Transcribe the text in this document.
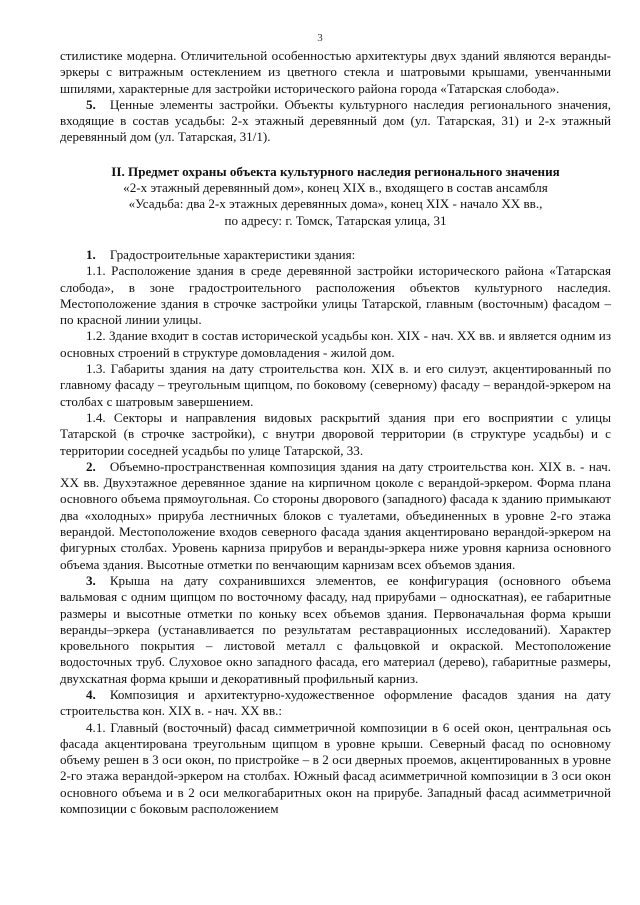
3

стилистике модерна. Отличительной особенностью архитектуры двух зданий являются веранды-эркеры с витражным остеклением из цветного стекла и шатровыми крышами, увенчанными шпилями, характерные для застройки исторического района города «Татарская слобода».

5. Ценные элементы застройки. Объекты культурного наследия регионального значения, входящие в состав усадьбы: 2-х этажный деревянный дом (ул. Татарская, 31) и 2-х этажный деревянный дом (ул. Татарская, 31/1).

II. Предмет охраны объекта культурного наследия регионального значения

«2-х этажный деревянный дом», конец XIX в., входящего в состав ансамбля

«Усадьба: два 2-х этажных деревянных дома», конец XIX - начало XX вв.,

по адресу: г. Томск, Татарская улица, 31

1. Градостроительные характеристики здания:

1.1. Расположение здания в среде деревянной застройки исторического района «Татарская слобода», в зоне градостроительного расположения объектов культурного наследия. Местоположение здания в строчке застройки улицы Татарской, главным (восточным) фасадом – по красной линии улицы.

1.2. Здание входит в состав исторической усадьбы кон. XIX - нач. XX вв. и является одним из основных строений в структуре домовладения - жилой дом.

1.3. Габариты здания на дату строительства кон. XIX в. и его силуэт, акцентированный по главному фасаду – треугольным щипцом, по боковому (северному) фасаду – верандой-эркером на столбах с шатровым завершением.

1.4. Секторы и направления видовых раскрытий здания при его восприятии с улицы Татарской (в строчке застройки), с внутри дворовой территории (в структуре усадьбы) и с территории соседней усадьбы по улице Татарской, 33.

2. Объемно-пространственная композиция здания на дату строительства кон. XIX в. - нач. XX вв. Двухэтажное деревянное здание на кирпичном цоколе с верандой-эркером. Форма плана основного объема прямоугольная. Со стороны дворового (западного) фасада к зданию примыкают два «холодных» прируба лестничных блоков с туалетами, объединенных в уровне 2-го этажа верандой. Местоположение входов северного фасада здания акцентировано верандой-эркером на фигурных столбах. Уровень карниза прирубов и веранды-эркера ниже уровня карниза основного объема здания. Высотные отметки по венчающим карнизам всех объемов здания.

3. Крыша на дату сохранившихся элементов, ее конфигурация (основного объема вальмовая с одним щипцом по восточному фасаду, над прирубами – односкатная), ее габаритные размеры и высотные отметки по коньку всех объемов здания. Первоначальная форма крыши веранды–эркера (устанавливается по результатам реставрационных исследований). Характер кровельного покрытия – листовой металл с фальцовкой и окраской. Местоположение водосточных труб. Слуховое окно западного фасада, его материал (дерево), габаритные размеры, двухскатная форма крыши и декоративный профильный карниз.

4. Композиция и архитектурно-художественное оформление фасадов здания на дату строительства кон. XIX в. - нач. XX вв.:

4.1. Главный (восточный) фасад симметричной композиции в 6 осей окон, центральная ось фасада акцентирована треугольным щипцом в уровне крыши. Северный фасад по основному объему решен в 3 оси окон, по пристройке – в 2 оси дверных проемов, акцентированных в уровне 2-го этажа верандой-эркером на столбах. Южный фасад асимметричной композиции в 3 оси окон основного объема и в 2 оси мелкогабаритных окон на прирубе. Западный фасад асимметричной композиции с боковым расположением
